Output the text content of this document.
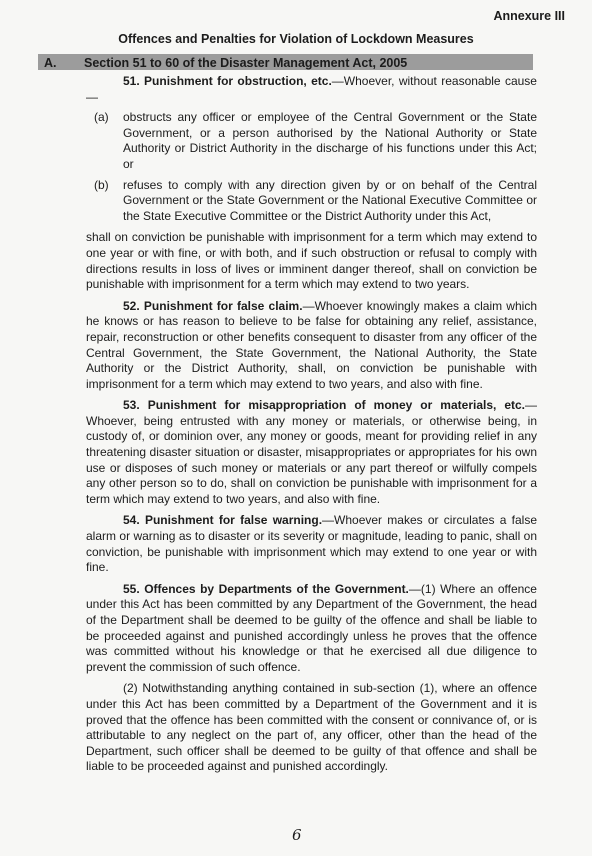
Annexure III
Offences and Penalties for Violation of Lockdown Measures
A. Section 51 to 60 of the Disaster Management Act, 2005

51. Punishment for obstruction, etc.—Whoever, without reasonable cause —

(a)	obstructs any officer or employee of the Central Government or the State Government, or a person authorised by the National Authority or State Authority or District Authority in the discharge of his functions under this Act; or
(b)	refuses to comply with any direction given by or on behalf of the Central Government or the State Government or the National Executive Committee or the State Executive Committee or the District Authority under this Act,

shall on conviction be punishable with imprisonment for a term which may extend to one year or with fine, or with both, and if such obstruction or refusal to comply with directions results in loss of lives or imminent danger thereof, shall on conviction be punishable with imprisonment for a term which may extend to two years.

52. Punishment for false claim.—Whoever knowingly makes a claim which he knows or has reason to believe to be false for obtaining any relief, assistance, repair, reconstruction or other benefits consequent to disaster from any officer of the Central Government, the State Government, the National Authority, the State Authority or the District Authority, shall, on conviction be punishable with imprisonment for a term which may extend to two years, and also with fine.

53. Punishment for misappropriation of money or materials, etc.— Whoever, being entrusted with any money or materials, or otherwise being, in custody of, or dominion over, any money or goods, meant for providing relief in any threatening disaster situation or disaster, misappropriates or appropriates for his own use or disposes of such money or materials or any part thereof or wilfully compels any other person so to do, shall on conviction be punishable with imprisonment for a term which may extend to two years, and also with fine.

54. Punishment for false warning.—Whoever makes or circulates a false alarm or warning as to disaster or its severity or magnitude, leading to panic, shall on conviction, be punishable with imprisonment which may extend to one year or with fine.

55. Offences by Departments of the Government.—(1) Where an offence under this Act has been committed by any Department of the Government, the head of the Department shall be deemed to be guilty of the offence and shall be liable to be proceeded against and punished accordingly unless he proves that the offence was committed without his knowledge or that he exercised all due diligence to prevent the commission of such offence.

(2) Notwithstanding anything contained in sub-section (1), where an offence under this Act has been committed by a Department of the Government and it is proved that the offence has been committed with the consent or connivance of, or is attributable to any neglect on the part of, any officer, other than the head of the Department, such officer shall be deemed to be guilty of that offence and shall be liable to be proceeded against and punished accordingly.

6
